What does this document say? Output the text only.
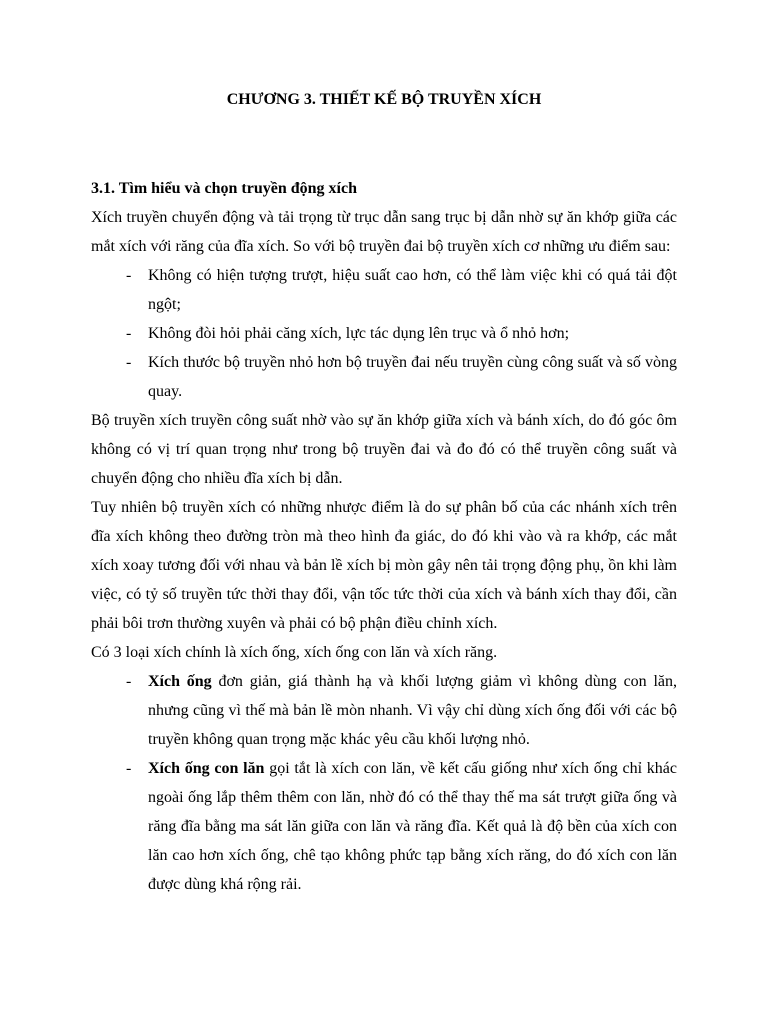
CHƯƠNG 3. THIẾT KẾ BỘ TRUYỀN XÍCH

3.1. Tìm hiểu và chọn truyền động xích

Xích truyền chuyển động và tải trọng từ trục dẫn sang trục bị dẫn nhờ sự ăn khớp giữa các mắt xích với răng của đĩa xích. So với bộ truyền đai bộ truyền xích cơ những ưu điểm sau:

- Không có hiện tượng trượt, hiệu suất cao hơn, có thể làm việc khi có quá tải đột ngột;
- Không đòi hỏi phải căng xích, lực tác dụng lên trục và ổ nhỏ hơn;
- Kích thước bộ truyền nhỏ hơn bộ truyền đai nếu truyền cùng công suất và số vòng quay.

Bộ truyền xích truyền công suất nhờ vào sự ăn khớp giữa xích và bánh xích, do đó góc ôm không có vị trí quan trọng như trong bộ truyền đai và đo đó có thể truyền công suất và chuyển động cho nhiều đĩa xích bị dẫn.

Tuy nhiên bộ truyền xích có những nhược điểm là do sự phân bố của các nhánh xích trên đĩa xích không theo đường tròn mà theo hình đa giác, do đó khi vào và ra khớp, các mắt xích xoay tương đối với nhau và bản lề xích bị mòn gây nên tải trọng động phụ, ồn khi làm việc, có tỷ số truyền tức thời thay đổi, vận tốc tức thời của xích và bánh xích thay đổi, cần phải bôi trơn thường xuyên và phải có bộ phận điều chỉnh xích.

Có 3 loại xích chính là xích ống, xích ống con lăn và xích răng.

- Xích ống đơn giản, giá thành hạ và khối lượng giảm vì không dùng con lăn, nhưng cũng vì thế mà bản lề mòn nhanh. Vì vậy chỉ dùng xích ống đối với các bộ truyền không quan trọng mặc khác yêu cầu khối lượng nhỏ.
- Xích ống con lăn gọi tắt là xích con lăn, về kết cấu giống như xích ống chỉ khác ngoài ống lắp thêm thêm con lăn, nhờ đó có thể thay thế ma sát trượt giữa ống và răng đĩa bằng ma sát lăn giữa con lăn và răng đĩa. Kết quả là độ bền của xích con lăn cao hơn xích ống, chê tạo không phức tạp bằng xích răng, do đó xích con lăn được dùng khá rộng rải.
